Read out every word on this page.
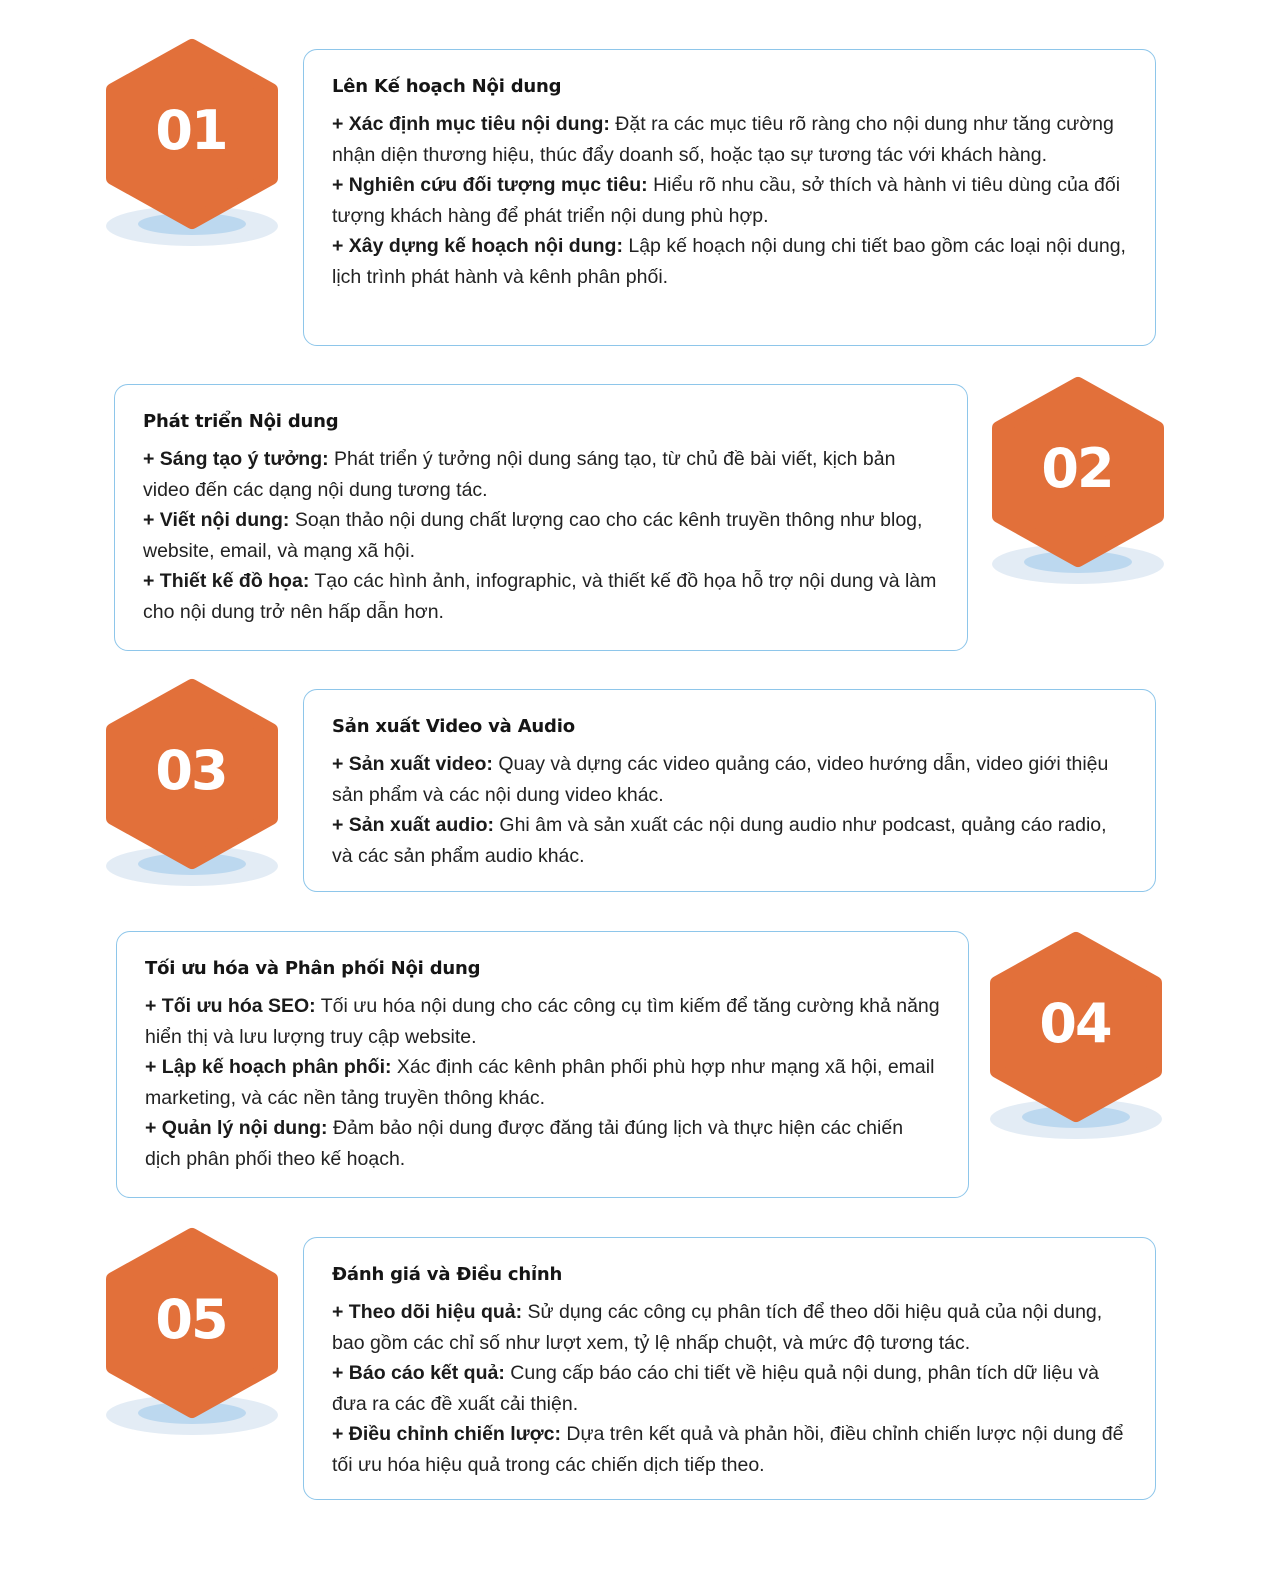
01
Lên Kế hoạch Nội dung

+ Xác định mục tiêu nội dung: Đặt ra các mục tiêu rõ ràng cho nội dung như tăng cường nhận diện thương hiệu, thúc đẩy doanh số, hoặc tạo sự tương tác với khách hàng.
+ Nghiên cứu đối tượng mục tiêu: Hiểu rõ nhu cầu, sở thích và hành vi tiêu dùng của đối tượng khách hàng để phát triển nội dung phù hợp.
+ Xây dựng kế hoạch nội dung: Lập kế hoạch nội dung chi tiết bao gồm các loại nội dung, lịch trình phát hành và kênh phân phối.

Phát triển Nội dung

+ Sáng tạo ý tưởng: Phát triển ý tưởng nội dung sáng tạo, từ chủ đề bài viết, kịch bản video đến các dạng nội dung tương tác.
+ Viết nội dung: Soạn thảo nội dung chất lượng cao cho các kênh truyền thông như blog, website, email, và mạng xã hội.
+ Thiết kế đồ họa: Tạo các hình ảnh, infographic, và thiết kế đồ họa hỗ trợ nội dung và làm cho nội dung trở nên hấp dẫn hơn.

02
03
Sản xuất Video và Audio

+ Sản xuất video: Quay và dựng các video quảng cáo, video hướng dẫn, video giới thiệu sản phẩm và các nội dung video khác.
+ Sản xuất audio: Ghi âm và sản xuất các nội dung audio như podcast, quảng cáo radio, và các sản phẩm audio khác.

Tối ưu hóa và Phân phối Nội dung

+ Tối ưu hóa SEO: Tối ưu hóa nội dung cho các công cụ tìm kiếm để tăng cường khả năng hiển thị và lưu lượng truy cập website.
+ Lập kế hoạch phân phối: Xác định các kênh phân phối phù hợp như mạng xã hội, email marketing, và các nền tảng truyền thông khác.
+ Quản lý nội dung: Đảm bảo nội dung được đăng tải đúng lịch và thực hiện các chiến dịch phân phối theo kế hoạch.

04
05
Đánh giá và Điều chỉnh

+ Theo dõi hiệu quả: Sử dụng các công cụ phân tích để theo dõi hiệu quả của nội dung, bao gồm các chỉ số như lượt xem, tỷ lệ nhấp chuột, và mức độ tương tác.
+ Báo cáo kết quả: Cung cấp báo cáo chi tiết về hiệu quả nội dung, phân tích dữ liệu và đưa ra các đề xuất cải thiện.
+ Điều chỉnh chiến lược: Dựa trên kết quả và phản hồi, điều chỉnh chiến lược nội dung để tối ưu hóa hiệu quả trong các chiến dịch tiếp theo.
